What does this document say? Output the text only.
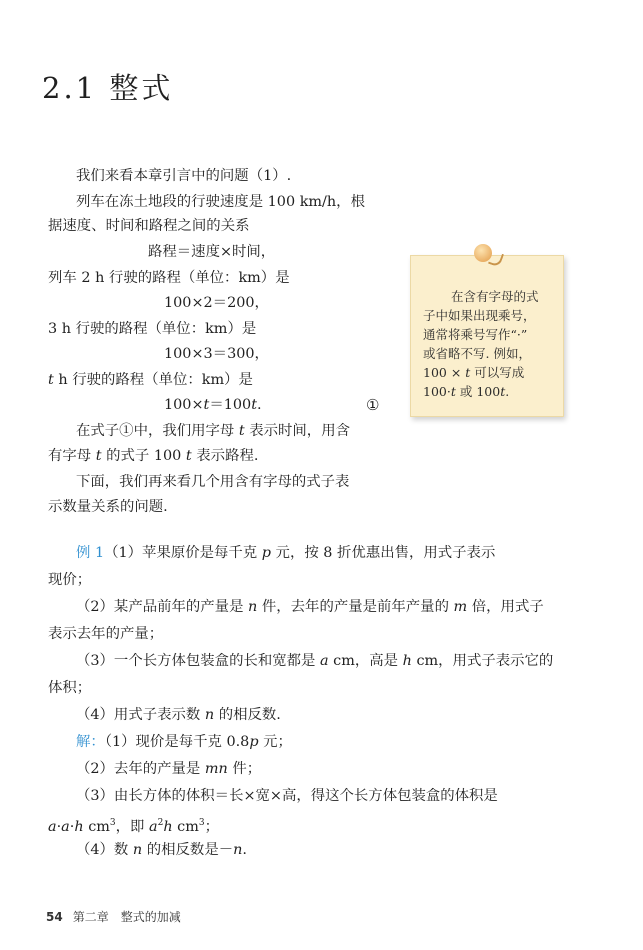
2.1 整式
我们来看本章引言中的问题（1）.
列车在冻土地段的行驶速度是 100 km/h，根
据速度、时间和路程之间的关系
路程＝速度×时间，
列车 2 h 行驶的路程（单位：km）是
100×2＝200，
3 h 行驶的路程（单位：km）是
100×3＝300，
t h 行驶的路程（单位：km）是
100×t＝100t.	①
在式子①中，我们用字母 t 表示时间，用含
有字母 t 的式子 100 t 表示路程.
下面，我们再来看几个用含有字母的式子表
示数量关系的问题.
在含有字母的式
子中如果出现乘号，
通常将乘号写作“·”
或省略不写. 例如，
100 × t 可以写成
100·t 或 100t.
例 1（1）苹果原价是每千克 p 元，按 8 折优惠出售，用式子表示
现价；
（2）某产品前年的产量是 n 件，去年的产量是前年产量的 m 倍，用式子
表示去年的产量；
（3）一个长方体包装盒的长和宽都是 a cm，高是 h cm，用式子表示它的
体积；
（4）用式子表示数 n 的相反数.
解：（1）现价是每千克 0.8p 元；
（2）去年的产量是 mn 件；
（3）由长方体的体积＝长×宽×高，得这个长方体包装盒的体积是
a·a·h $cm^3$，即 $a^2h$ $cm^3$；
（4）数 n 的相反数是－n.
54 第二章　整式的加减
